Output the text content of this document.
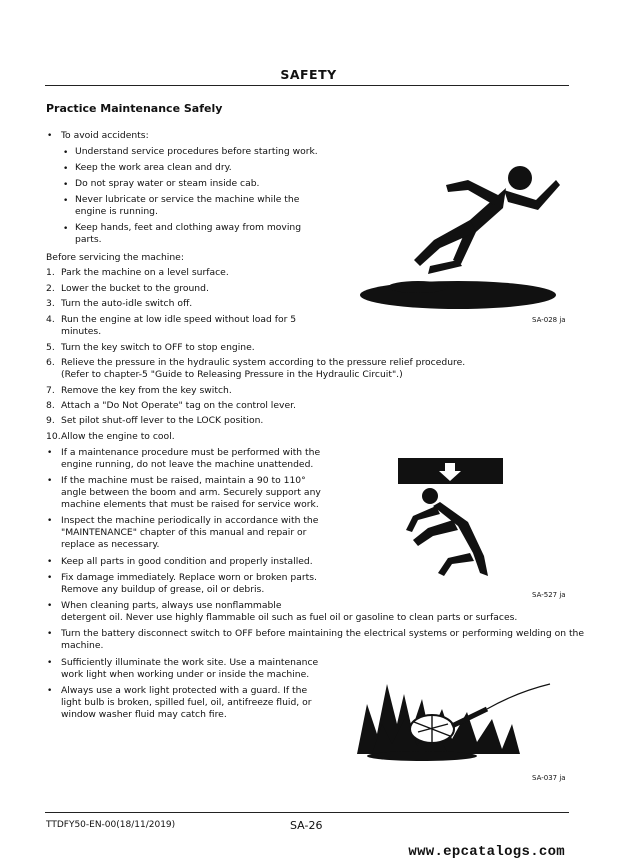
SAFETY
Practice Maintenance Safely
• To avoid accidents:
• Understand service procedures before starting work.
• Keep the work area clean and dry.
• Do not spray water or steam inside cab.
• Never lubricate or service the machine while the
engine is running.
• Keep hands, feet and clothing away from moving
parts.
Before servicing the machine:
1. Park the machine on a level surface.
2. Lower the bucket to the ground.
3. Turn the auto-idle switch off.
4. Run the engine at low idle speed without load for 5
minutes.
5. Turn the key switch to OFF to stop engine.
6. Relieve the pressure in the hydraulic system according to the pressure relief procedure.
(Refer to chapter-5 "Guide to Releasing Pressure in the Hydraulic Circuit".)
7. Remove the key from the key switch.
8. Attach a "Do Not Operate" tag on the control lever.
9. Set pilot shut-off lever to the LOCK position.
10. Allow the engine to cool.
• If a maintenance procedure must be performed with the
engine running, do not leave the machine unattended.
• If the machine must be raised, maintain a 90 to 110°
angle between the boom and arm. Securely support any
machine elements that must be raised for service work.
• Inspect the machine periodically in accordance with the
"MAINTENANCE" chapter of this manual and repair or
replace as necessary.
• Keep all parts in good condition and properly installed.
• Fix damage immediately. Replace worn or broken parts.
Remove any buildup of grease, oil or debris.
• When cleaning parts, always use nonflammable
detergent oil. Never use highly flammable oil such as fuel oil or gasoline to clean parts or surfaces.
• Turn the battery disconnect switch to OFF before maintaining the electrical systems or performing welding on the
machine.
• Sufficiently illuminate the work site. Use a maintenance
work light when working under or inside the machine.
• Always use a work light protected with a guard. If the
light bulb is broken, spilled fuel, oil, antifreeze fluid, or
window washer fluid may catch fire.
SA-028 ja
SA-527 ja
SA-037 ja
TTDFY50-EN-00(18/11/2019)	SA-26
www.epcatalogs.com
